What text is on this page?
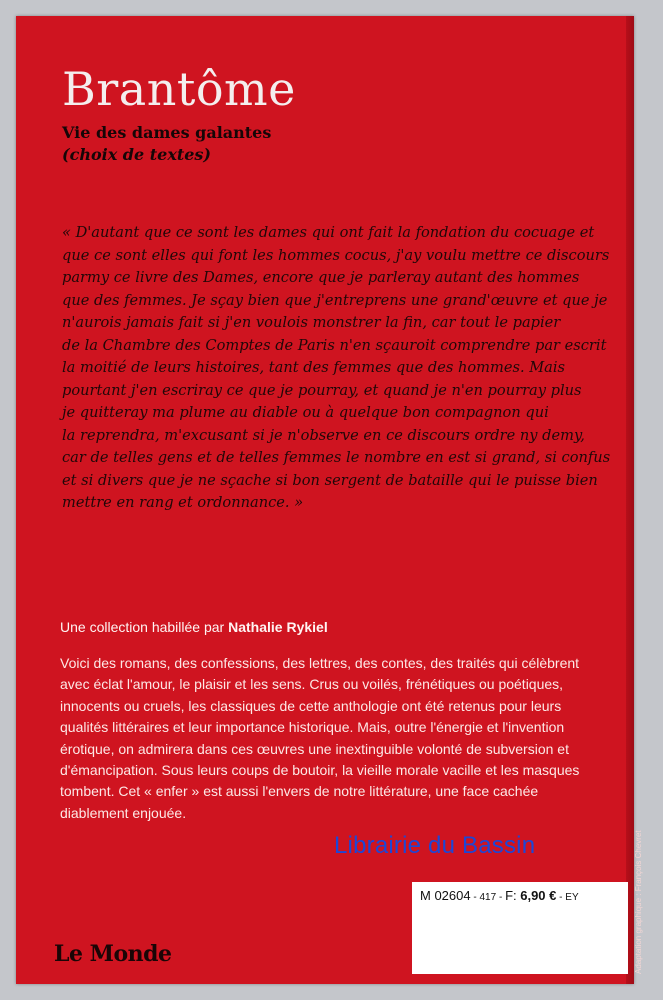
Brantôme
Vie des dames galantes
(choix de textes)
« D'autant que ce sont les dames qui ont fait la fondation du cocuage et
que ce sont elles qui font les hommes cocus, j'ay voulu mettre ce discours
parmy ce livre des Dames, encore que je parleray autant des hommes
que des femmes. Je sçay bien que j'entreprens une grand'œuvre et que je
n'aurois jamais fait si j'en voulois monstrer la fin, car tout le papier
de la Chambre des Comptes de Paris n'en sçauroit comprendre par escrit
la moitié de leurs histoires, tant des femmes que des hommes. Mais
pourtant j'en escriray ce que je pourray, et quand je n'en pourray plus
je quitteray ma plume au diable ou à quelque bon compagnon qui
la reprendra, m'excusant si je n'observe en ce discours ordre ny demy,
car de telles gens et de telles femmes le nombre en est si grand, si confus
et si divers que je ne sçache si bon sergent de bataille qui le puisse bien
mettre en rang et ordonnance. »
Une collection habillée par Nathalie Rykiel
Voici des romans, des confessions, des lettres, des contes, des traités qui célèbrent
avec éclat l'amour, le plaisir et les sens. Crus ou voilés, frénétiques ou poétiques,
innocents ou cruels, les classiques de cette anthologie ont été retenus pour leurs
qualités littéraires et leur importance historique. Mais, outre l'énergie et l'invention
érotique, on admirera dans ces œuvres une inextinguible volonté de subversion et
d'émancipation. Sous leurs coups de boutoir, la vieille morale vacille et les masques
tombent. Cet « enfer » est aussi l'envers de notre littérature, une face cachée
diablement enjouée.
M 02604 - 417 - F: 6,90 € - EY
Le Monde	Adaptation graphique : François Chevret
Librairie du Bassin
